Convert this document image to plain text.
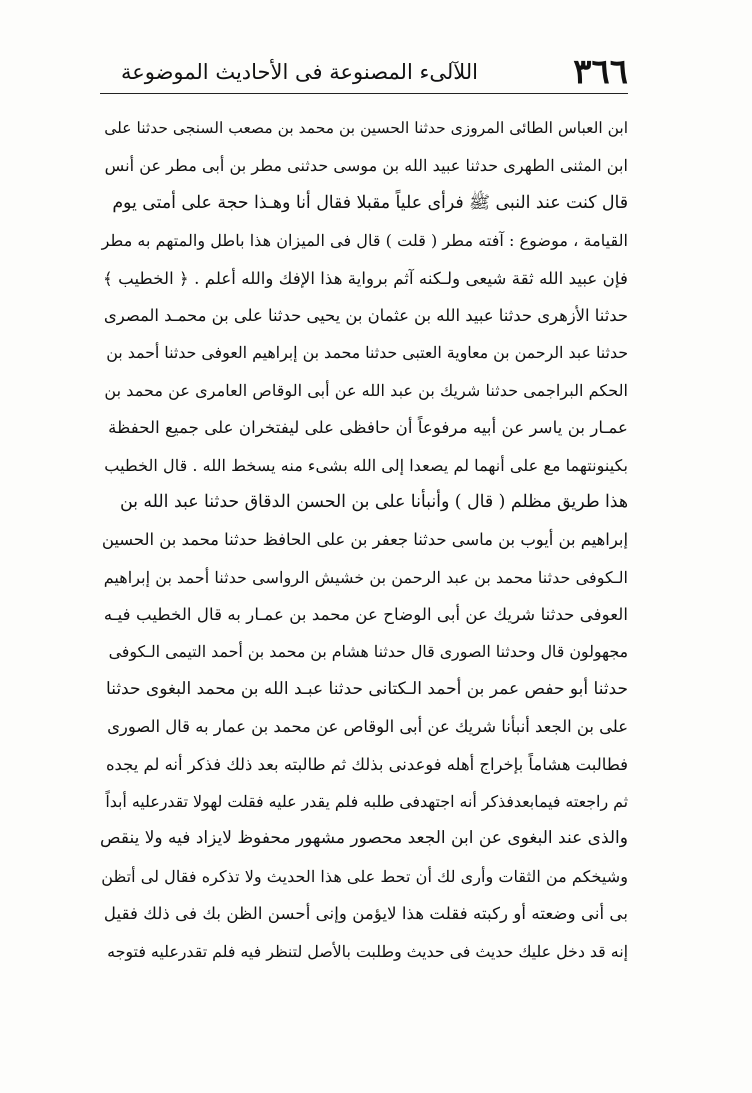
٣٦٦
اللآلىء المصنوعة فى الأحاديث الموضوعة
ابن العباس الطائى المروزى حدثنا الحسين بن محمد بن مصعب السنجى حدثنا على
ابن المثنى الطهرى حدثنا عبيد الله بن موسى حدثنى مطر بن أبى مطر عن أنس
قال كنت عند النبى ﷺ فرأى علياً مقبلا فقال أنا وهـذا حجة على أمتى يوم
القيامة ، موضوع : آفته مطر ( قلت ) قال فى الميزان هذا باطل والمتهم به مطر
فإن عبيد الله ثقة شيعى ولـكنه آثم برواية هذا الإفك والله أعلم . ﴿ الخطيب ﴾
حدثنا الأزهرى حدثنا عبيد الله بن عثمان بن يحيى حدثنا على بن محمـد المصرى
حدثنا عبد الرحمن بن معاوية العتبى حدثنا محمد بن إبراهيم العوفى حدثنا أحمد بن
الحكم البراجمى حدثنا شريك بن عبد الله عن أبى الوقاص العامرى عن محمد بن
عمـار بن ياسر عن أبيه مرفوعاً أن حافظى على ليفتخران على جميع الحفظة
بكينونتهما مع على أنهما لم يصعدا إلى الله بشىء منه يسخط الله . قال الخطيب
هذا طريق مظلم ( قال ) وأنبأنا على بن الحسن الدقاق حدثنا عبد الله بن
إبراهيم بن أيوب بن ماسى حدثنا جعفر بن على الحافظ حدثنا محمد بن الحسين
الـكوفى حدثنا محمد بن عبد الرحمن بن خشيش الرواسى حدثنا أحمد بن إبراهيم
العوفى حدثنا شريك عن أبى الوضاح عن محمد بن عمـار به قال الخطيب فيـه
مجهولون قال وحدثنا الصورى قال حدثنا هشام بن محمد بن أحمد التيمى الـكوفى
حدثنا أبو حفص عمر بن أحمد الـكتانى حدثنا عبـد الله بن محمد البغوى حدثنا
على بن الجعد أنبأنا شريك عن أبى الوقاص عن محمد بن عمار به قال الصورى
فطالبت هشاماً بإخراج أهله فوعدنى بذلك ثم طالبته بعد ذلك فذكر أنه لم يجده
ثم راجعته فيمابعدفذكر أنه اجتهدفى طلبه فلم يقدر عليه فقلت لهولا تقدرعليه أبداً
والذى عند البغوى عن ابن الجعد محصور مشهور محفوظ لايزاد فيه ولا ينقص
وشيخكم من الثقات وأرى لك أن تحط على هذا الحديث ولا تذكره فقال لى أتظن
بى أنى وضعته أو ركبته فقلت هذا لايؤمن وإنى أحسن الظن بك فى ذلك فقيل
إنه قد دخل عليك حديث فى حديث وطلبت بالأصل لتنظر فيه فلم تقدرعليه فتوجه
